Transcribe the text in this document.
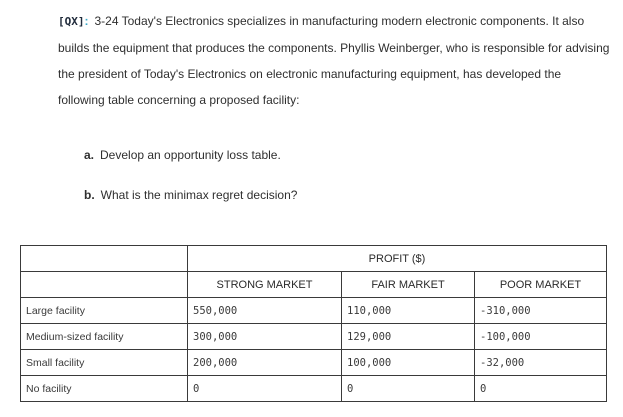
[QX]: 3-24 Today's Electronics specializes in manufacturing modern electronic components. It also builds the equipment that produces the components. Phyllis Weinberger, who is responsible for advising the president of Today's Electronics on electronic manufacturing equipment, has developed the following table concerning a proposed facility:
a. Develop an opportunity loss table.
b. What is the minimax regret decision?
	PROFIT ($)		
	STRONG MARKET	FAIR MARKET	POOR MARKET
Large facility	550,000	110,000	-310,000
Medium-sized facility	300,000	129,000	-100,000
Small facility	200,000	100,000	-32,000
No facility	0	0	0
